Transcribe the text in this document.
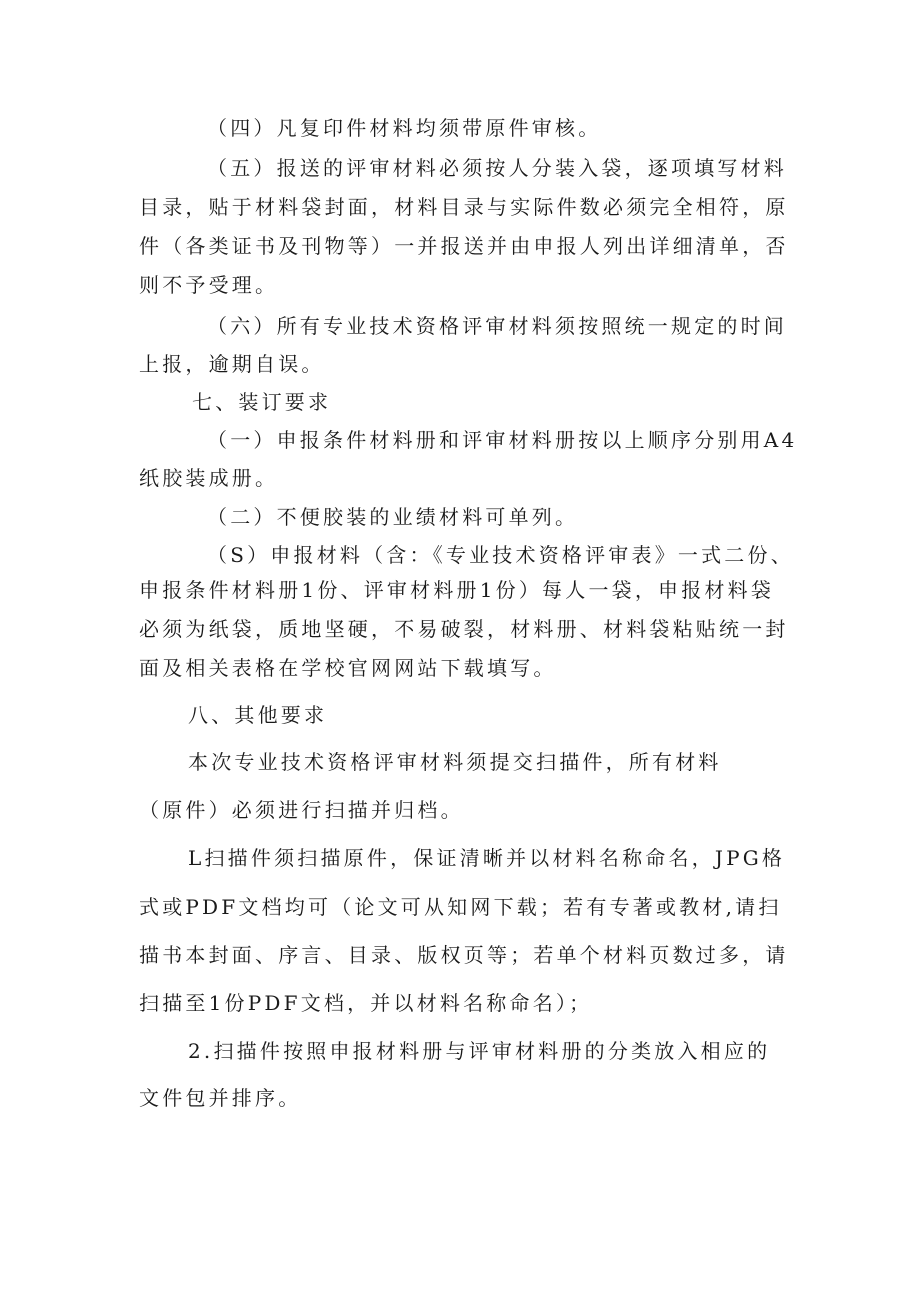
（四）凡复印件材料均须带原件审核。
（五）报送的评审材料必须按人分装入袋，逐项填写材料
目录，贴于材料袋封面，材料目录与实际件数必须完全相符，原
件（各类证书及刊物等）一并报送并由申报人列出详细清单，否
则不予受理。
（六）所有专业技术资格评审材料须按照统一规定的时间
上报，逾期自误。
七、装订要求
（一）申报条件材料册和评审材料册按以上顺序分别用A4
纸胶装成册。
（二）不便胶装的业绩材料可单列。
（S）申报材料（含：《专业技术资格评审表》一式二份、
申报条件材料册1份、评审材料册1份）每人一袋，申报材料袋
必须为纸袋，质地坚硬，不易破裂，材料册、材料袋粘贴统一封
面及相关表格在学校官网网站下载填写。
八、其他要求
本次专业技术资格评审材料须提交扫描件，所有材料
（原件）必须进行扫描并归档。
L扫描件须扫描原件，保证清晰并以材料名称命名，JPG格
式或PDF文档均可（论文可从知网下载；若有专著或教材,请扫
描书本封面、序言、目录、版权页等；若单个材料页数过多，请
扫描至1份PDF文档，并以材料名称命名）；
2.扫描件按照申报材料册与评审材料册的分类放入相应的
文件包并排序。
